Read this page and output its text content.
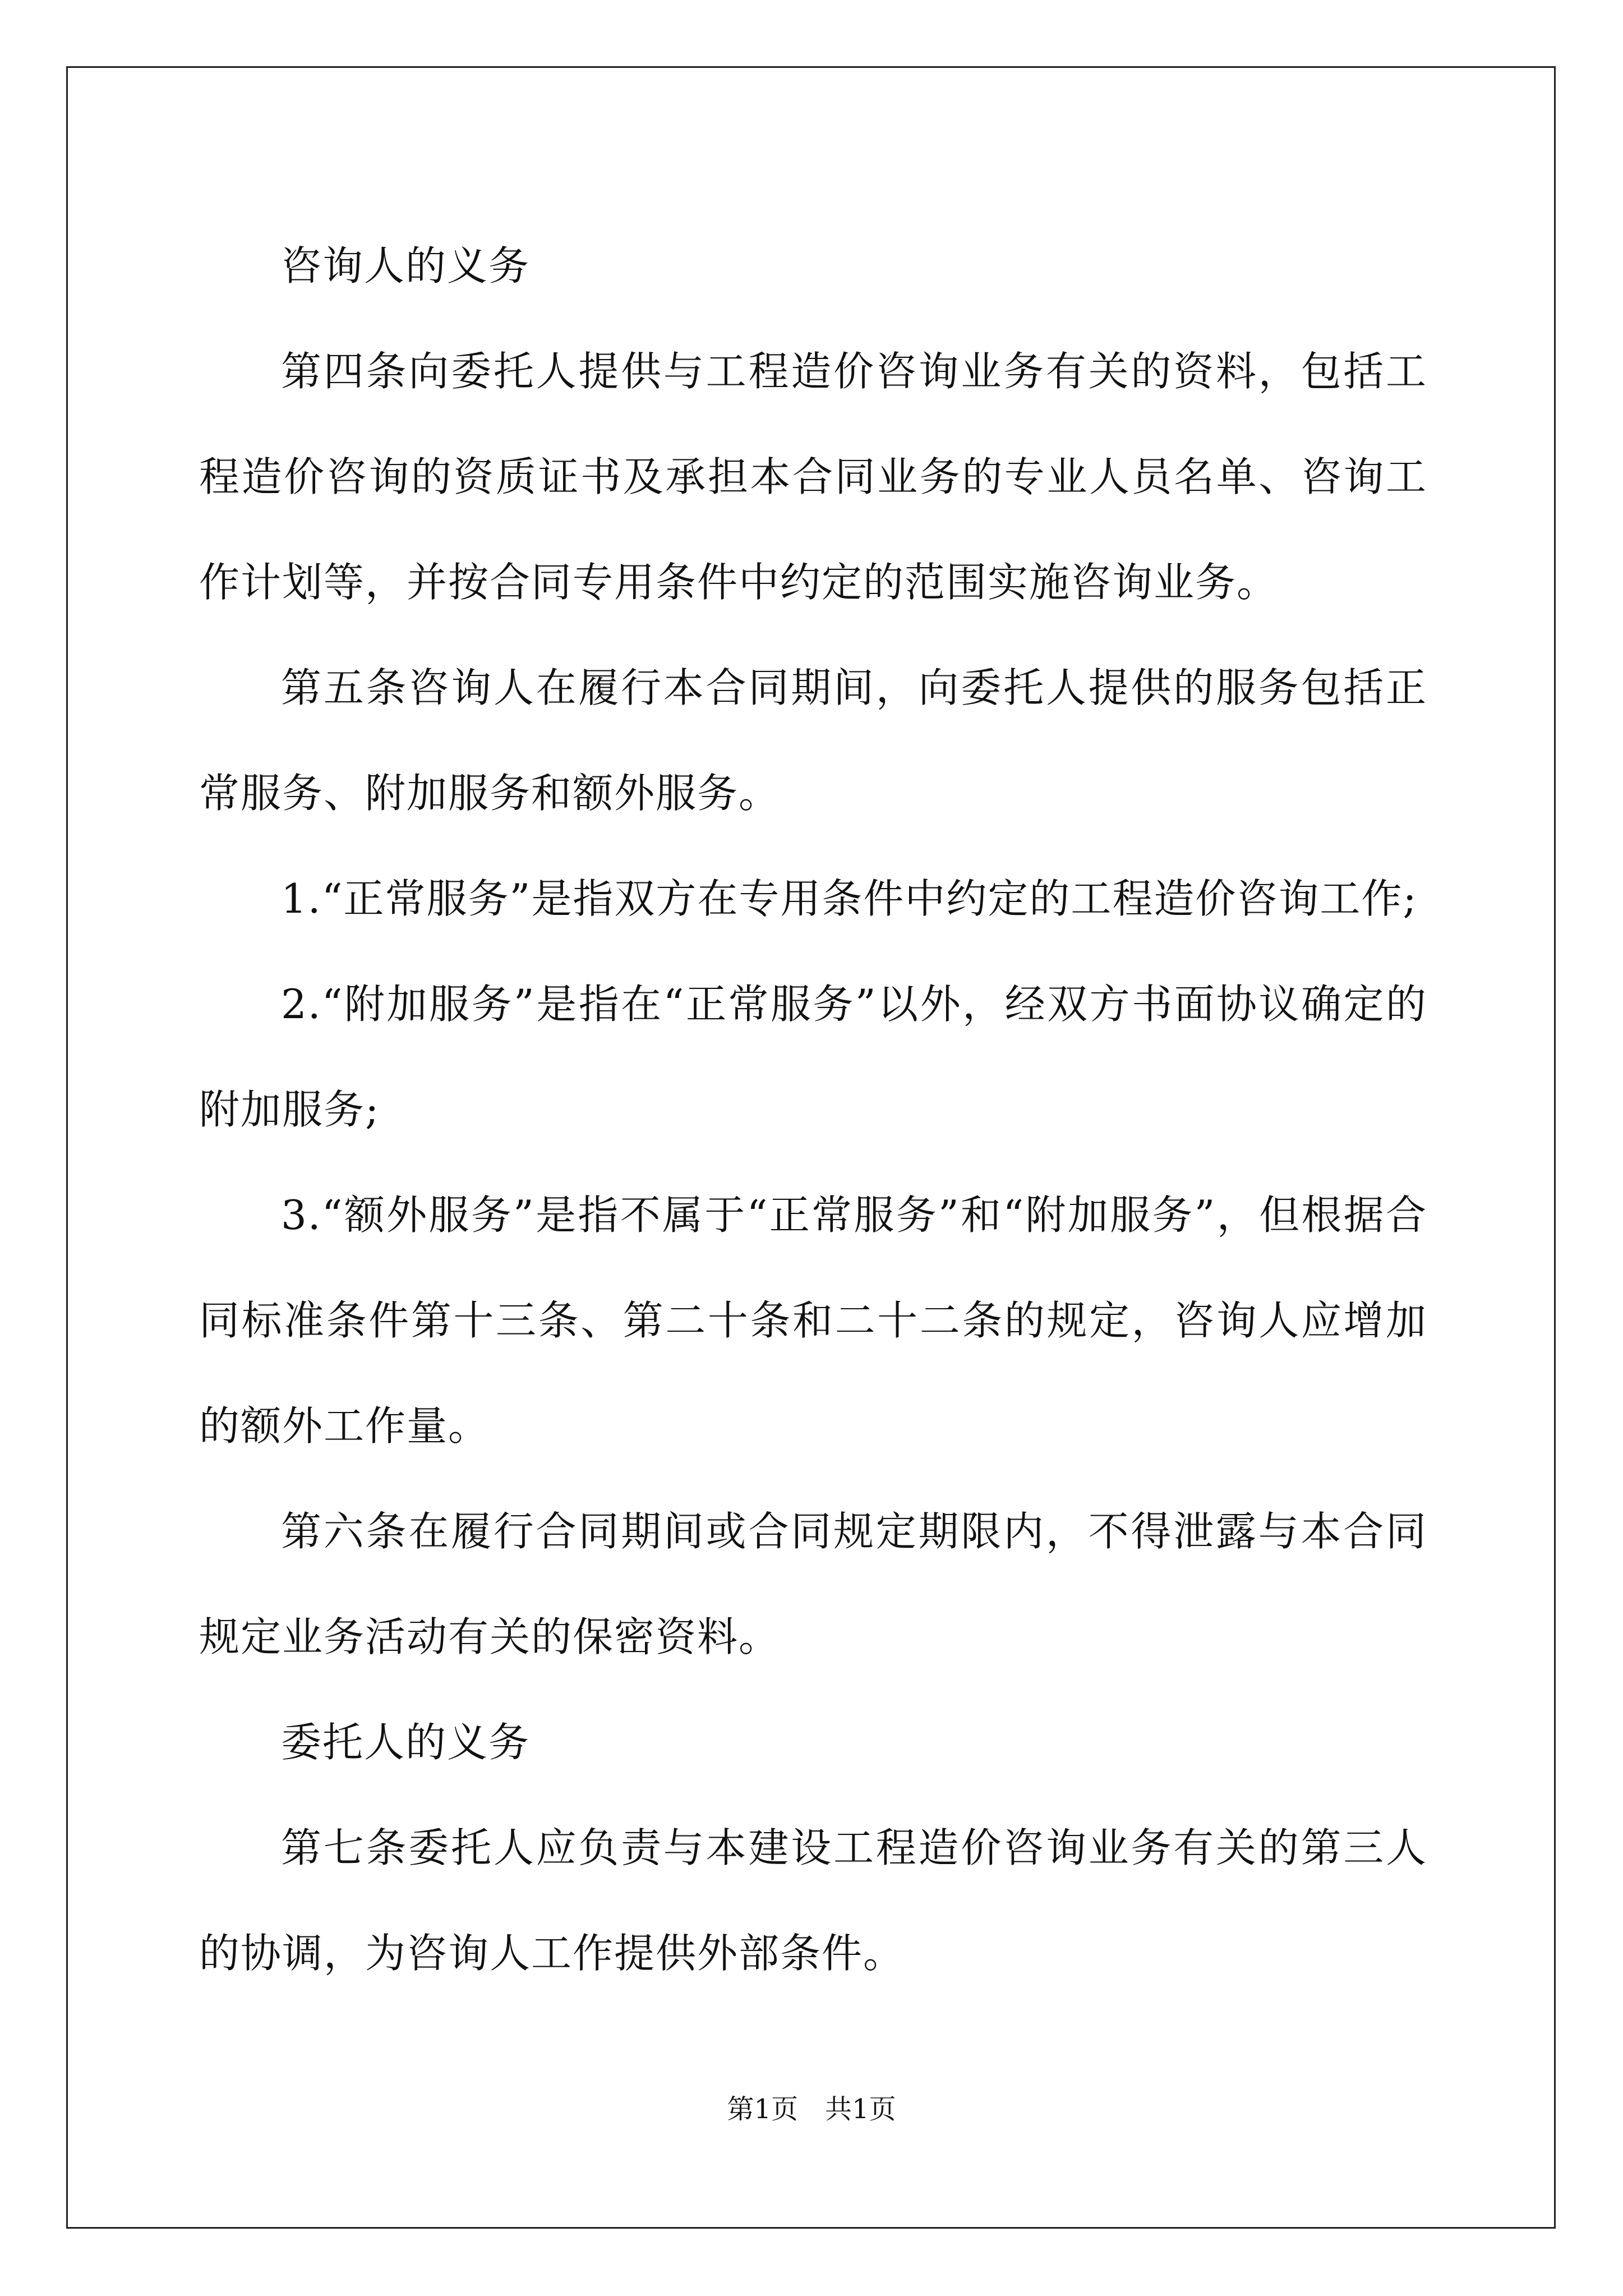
咨询人的义务

第四条向委托人提供与工程造价咨询业务有关的资料，包括工程造价咨询的资质证书及承担本合同业务的专业人员名单、咨询工作计划等，并按合同专用条件中约定的范围实施咨询业务。

第五条咨询人在履行本合同期间，向委托人提供的服务包括正常服务、附加服务和额外服务。

1.“正常服务”是指双方在专用条件中约定的工程造价咨询工作;

2.“附加服务”是指在“正常服务”以外，经双方书面协议确定的附加服务;

3.“额外服务”是指不属于“正常服务”和“附加服务”，但根据合同标准条件第十三条、第二十条和二十二条的规定，咨询人应增加的额外工作量。

第六条在履行合同期间或合同规定期限内，不得泄露与本合同规定业务活动有关的保密资料。

委托人的义务

第七条委托人应负责与本建设工程造价咨询业务有关的第三人的协调，为咨询人工作提供外部条件。

第1页　共1页
